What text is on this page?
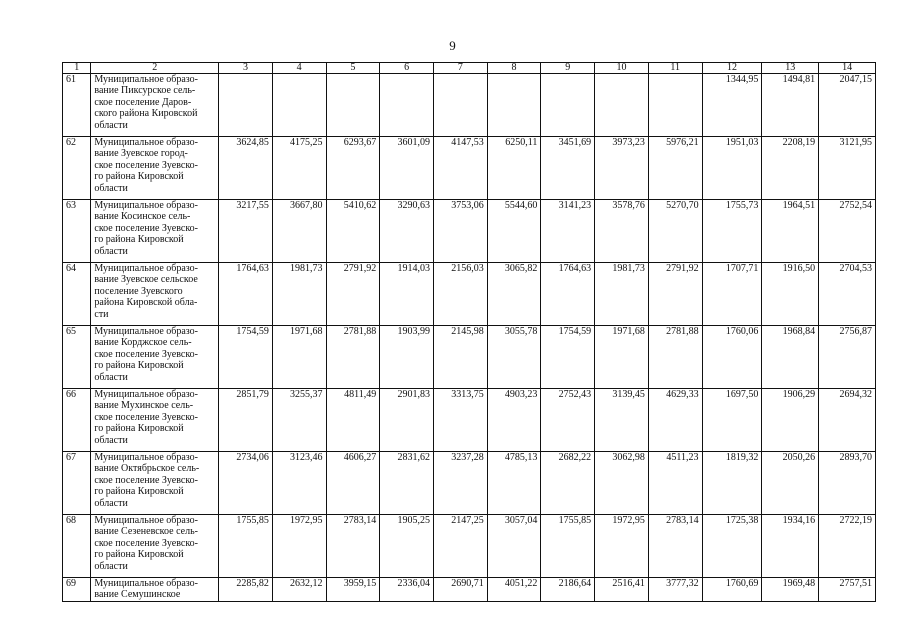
9
1	2	3	4	5	6	7	8	9	10	11	12	13	14
61	Муниципальное образо-
вание Пиксурское сель-
ское поселение Даров-
ского района Кировской
области										1344,95	1494,81	2047,15
62	Муниципальное образо-
вание Зуевское город-
ское поселение Зуевско-
го района Кировской
области	3624,85	4175,25	6293,67	3601,09	4147,53	6250,11	3451,69	3973,23	5976,21	1951,03	2208,19	3121,95
63	Муниципальное образо-
вание Косинское сель-
ское поселение Зуевско-
го района Кировской
области	3217,55	3667,80	5410,62	3290,63	3753,06	5544,60	3141,23	3578,76	5270,70	1755,73	1964,51	2752,54
64	Муниципальное образо-
вание Зуевское сельское
поселение Зуевского
района Кировской обла-
сти	1764,63	1981,73	2791,92	1914,03	2156,03	3065,82	1764,63	1981,73	2791,92	1707,71	1916,50	2704,53
65	Муниципальное образо-
вание Корджское сель-
ское поселение Зуевско-
го района Кировской
области	1754,59	1971,68	2781,88	1903,99	2145,98	3055,78	1754,59	1971,68	2781,88	1760,06	1968,84	2756,87
66	Муниципальное образо-
вание Мухинское сель-
ское поселение Зуевско-
го района Кировской
области	2851,79	3255,37	4811,49	2901,83	3313,75	4903,23	2752,43	3139,45	4629,33	1697,50	1906,29	2694,32
67	Муниципальное образо-
вание Октябрьское сель-
ское поселение Зуевско-
го района Кировской
области	2734,06	3123,46	4606,27	2831,62	3237,28	4785,13	2682,22	3062,98	4511,23	1819,32	2050,26	2893,70
68	Муниципальное образо-
вание Сезеневское сель-
ское поселение Зуевско-
го района Кировской
области	1755,85	1972,95	2783,14	1905,25	2147,25	3057,04	1755,85	1972,95	2783,14	1725,38	1934,16	2722,19
69	Муниципальное образо-
вание Семушинское	2285,82	2632,12	3959,15	2336,04	2690,71	4051,22	2186,64	2516,41	3777,32	1760,69	1969,48	2757,51
